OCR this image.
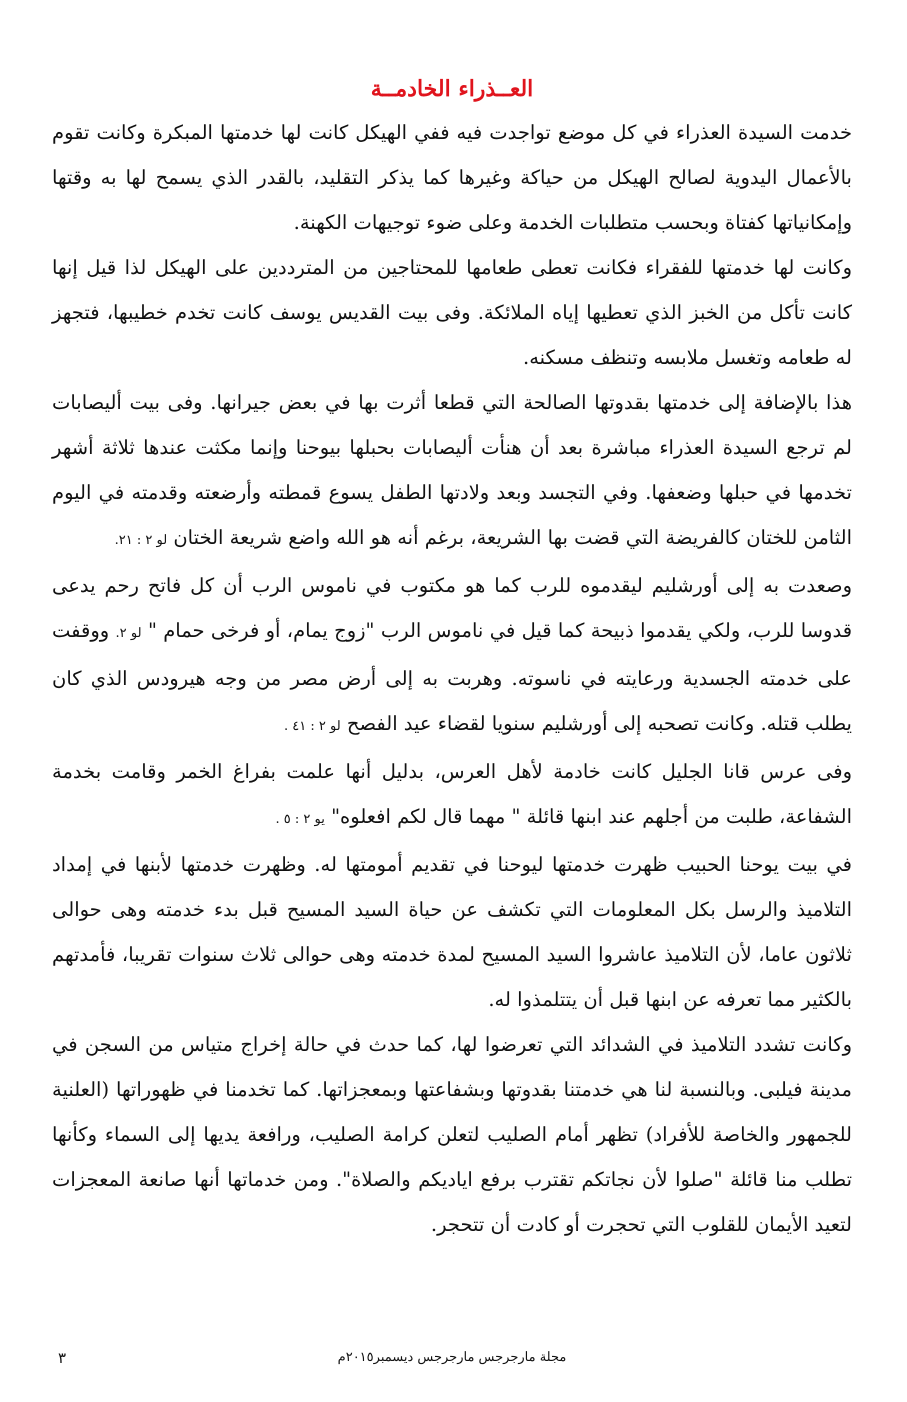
العــذراء الخادمــة

خدمت السيدة العذراء في كل موضع تواجدت فيه ففي الهيكل كانت لها خدمتها المبكرة وكانت تقوم بالأعمال اليدوية لصالح الهيكل من حياكة وغيرها كما يذكر التقليد، بالقدر الذي يسمح لها به وقتها وإمكانياتها كفتاة وبحسب متطلبات الخدمة وعلى ضوء توجيهات الكهنة.

وكانت لها خدمتها للفقراء فكانت تعطى طعامها للمحتاجين من المترددين على الهيكل لذا قيل إنها كانت تأكل من الخبز الذي تعطيها إياه الملائكة. وفى بيت القديس يوسف كانت تخدم خطيبها، فتجهز له طعامه وتغسل ملابسه وتنظف مسكنه.

هذا بالإضافة إلى خدمتها بقدوتها الصالحة التي قطعا أثرت بها في بعض جيرانها. وفى بيت أليصابات لم ترجع السيدة العذراء مباشرة بعد أن هنأت أليصابات بحبلها بيوحنا وإنما مكثت عندها ثلاثة أشهر تخدمها في حبلها وضعفها. وفي التجسد وبعد ولادتها الطفل يسوع قمطته وأرضعته وقدمته في اليوم الثامن للختان كالفريضة التي قضت بها الشريعة، برغم أنه هو الله واضع شريعة الختان لو ٢ : ٢١.

وصعدت به إلى أورشليم ليقدموه للرب كما هو مكتوب في ناموس الرب أن كل فاتح رحم يدعى قدوسا للرب، ولكي يقدموا ذبيحة كما قيل في ناموس الرب "زوج يمام، أو فرخى حمام " لو ٢. ووقفت على خدمته الجسدية ورعايته في ناسوته. وهربت به إلى أرض مصر من وجه هيرودس الذي كان يطلب قتله. وكانت تصحبه إلى أورشليم سنويا لقضاء عيد الفصح لو ٢ : ٤١ .

وفى عرس قانا الجليل كانت خادمة لأهل العرس، بدليل أنها علمت بفراغ الخمر وقامت بخدمة الشفاعة، طلبت من أجلهم عند ابنها قائلة " مهما قال لكم افعلوه" يو ٢ : ٥ .

في بيت يوحنا الحبيب ظهرت خدمتها ليوحنا في تقديم أمومتها له. وظهرت خدمتها لأبنها في إمداد التلاميذ والرسل بكل المعلومات التي تكشف عن حياة السيد المسيح قبل بدء خدمته وهى حوالى ثلاثون عاما، لأن التلاميذ عاشروا السيد المسيح لمدة خدمته وهى حوالى ثلاث سنوات تقريبا، فأمدتهم بالكثير مما تعرفه عن ابنها قبل أن يتتلمذوا له.

وكانت تشدد التلاميذ في الشدائد التي تعرضوا لها، كما حدث في حالة إخراج متياس من السجن في مدينة فيلبى. وبالنسبة لنا هي خدمتنا بقدوتها وبشفاعتها وبمعجزاتها. كما تخدمنا في ظهوراتها (العلنية للجمهور والخاصة للأفراد) تظهر أمام الصليب لتعلن كرامة الصليب، ورافعة يديها إلى السماء وكأنها تطلب منا قائلة "صلوا لأن نجاتكم تقترب برفع اياديكم والصلاة". ومن خدماتها أنها صانعة المعجزات لتعيد الأيمان للقلوب التي تحجرت أو كادت أن تتحجر.

٣	مجلة مارجرجس مارجرجس ديسمبر٢٠١٥م
